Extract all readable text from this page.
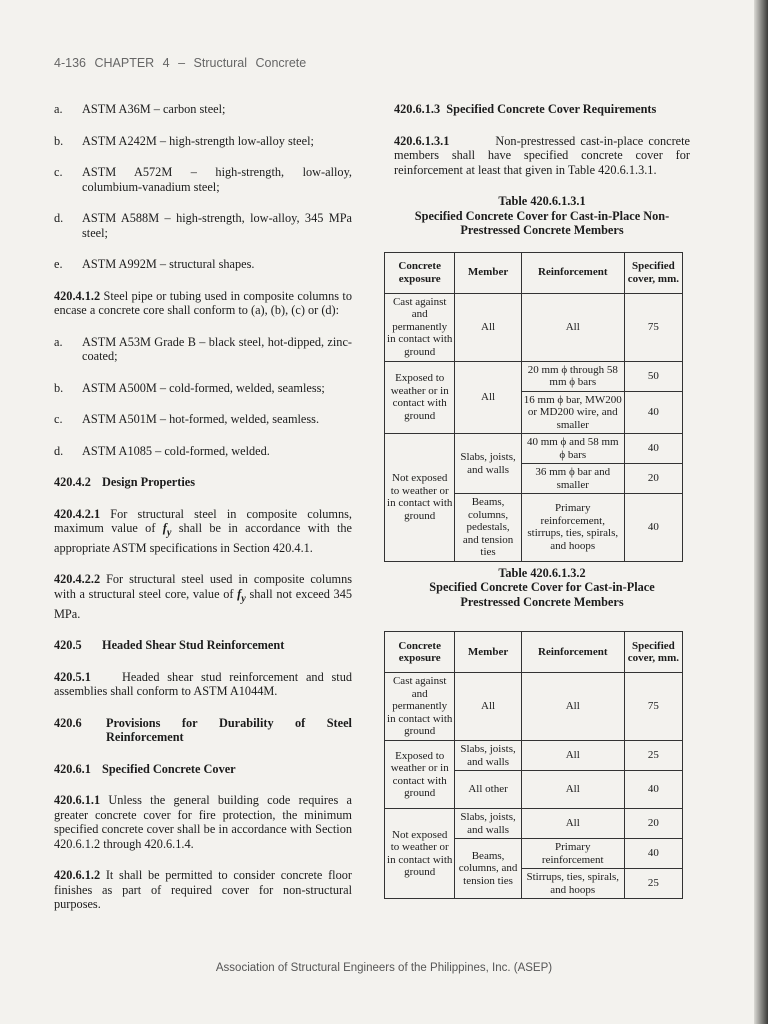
4-136 CHAPTER 4 – Structural Concrete
a. ASTM A36M – carbon steel;
b. ASTM A242M – high-strength low-alloy steel;
c. ASTM A572M – high-strength, low-alloy, columbium-vanadium steel;
d. ASTM A588M – high-strength, low-alloy, 345 MPa steel;
e. ASTM A992M – structural shapes.
420.4.1.2 Steel pipe or tubing used in composite columns to encase a concrete core shall conform to (a), (b), (c) or (d):
a. ASTM A53M Grade B – black steel, hot-dipped, zinc-coated;
b. ASTM A500M – cold-formed, welded, seamless;
c. ASTM A501M – hot-formed, welded, seamless.
d. ASTM A1085 – cold-formed, welded.
420.4.2 Design Properties
420.4.2.1 For structural steel in composite columns, maximum value of $f_y$ shall be in accordance with the appropriate ASTM specifications in Section 420.4.1.
420.4.2.2 For structural steel used in composite columns with a structural steel core, value of $f_y$ shall not exceed 345 MPa.
420.5 Headed Shear Stud Reinforcement
420.5.1	Headed shear stud reinforcement and stud assemblies shall conform to ASTM A1044M.
420.6	Provisions for Durability of Steel
Reinforcement
420.6.1 Specified Concrete Cover
420.6.1.1 Unless the general building code requires a greater concrete cover for fire protection, the minimum specified concrete cover shall be in accordance with Section 420.6.1.2 through 420.6.1.4.
420.6.1.2 It shall be permitted to consider concrete floor finishes as part of required cover for non-structural purposes.
420.6.1.3 Specified Concrete Cover Requirements
420.6.1.3.1	Non-prestressed cast-in-place concrete members shall have specified concrete cover for reinforcement at least that given in Table 420.6.1.3.1.

Table 420.6.1.3.1

Specified Concrete Cover for Cast-in-Place Non-Prestressed Concrete Members

Concrete exposure	Member	Reinforcement	Specified cover, mm.
Cast against and permanently in contact with ground	All	All	75
Exposed to weather or in contact with ground	All	20 mm ϕ through 58 mm ϕ bars	50
		16 mm ϕ bar, MW200 or MD200 wire, and smaller	40
Not exposed to weather or in contact with ground	Slabs, joists, and walls	40 mm ϕ and 58 mm ϕ bars	40
		36 mm ϕ bar and smaller	20
	Beams, columns, pedestals, and tension ties	Primary reinforcement, stirrups, ties, spirals, and hoops	40

Table 420.6.1.3.2

Specified Concrete Cover for Cast-in-Place Prestressed Concrete Members

Concrete exposure	Member	Reinforcement	Specified cover, mm.
Cast against and permanently in contact with ground	All	All	75
Exposed to weather or in contact with ground	Slabs, joists, and walls	All	25
	All other	All	40
Not exposed to weather or in contact with ground	Slabs, joists, and walls	All	20
	Beams, columns, and tension ties	Primary reinforcement	40
		Stirrups, ties, spirals, and hoops	25
Association of Structural Engineers of the Philippines, Inc. (ASEP)
